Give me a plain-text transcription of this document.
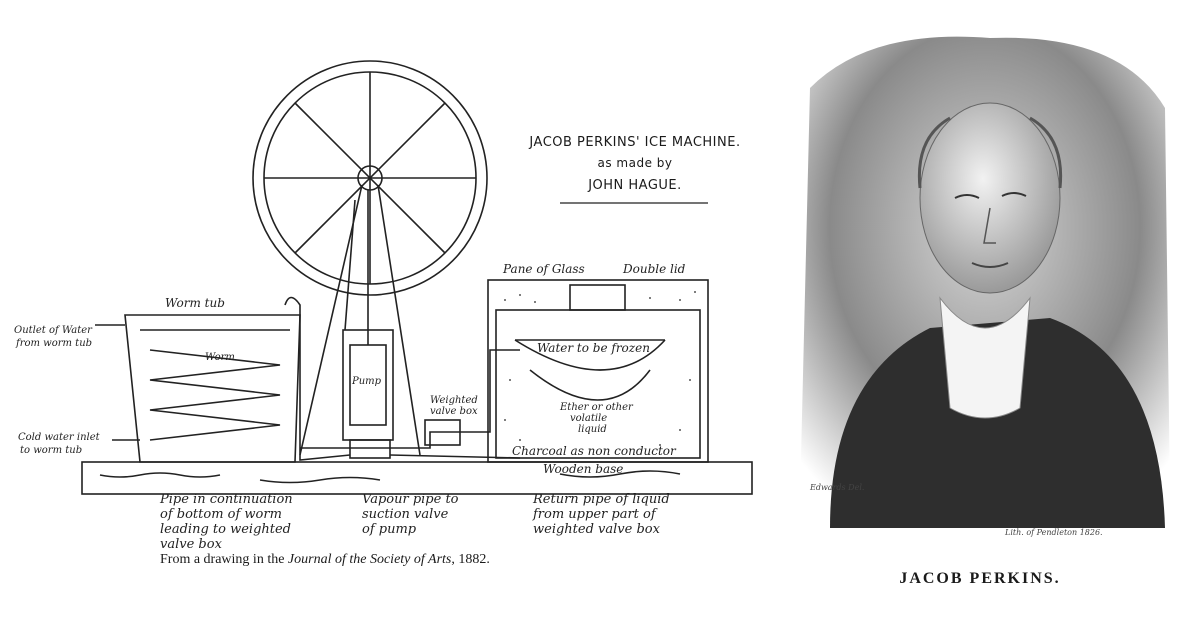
JACOB PERKINS' ICE MACHINE.
as made by
JOHN HAGUE.
Worm tub
Outlet of Water
from worm tub
Worm
Cold water inlet
to worm tub
Pump
Weighted
valve box
Pane of Glass	Double lid
Water to be frozen
Ether or other
volatile
liquid
Charcoal as non conductor
Wooden base
Pipe in continuation
of bottom of worm
leading to weighted
valve box
Vapour pipe to
suction valve
of pump
Return pipe of liquid
from upper part of
weighted valve box
From a drawing in the Journal of the Society of Arts, 1882.
Edwards Del.
Lith. of Pendleton 1826.
JACOB PERKINS.
